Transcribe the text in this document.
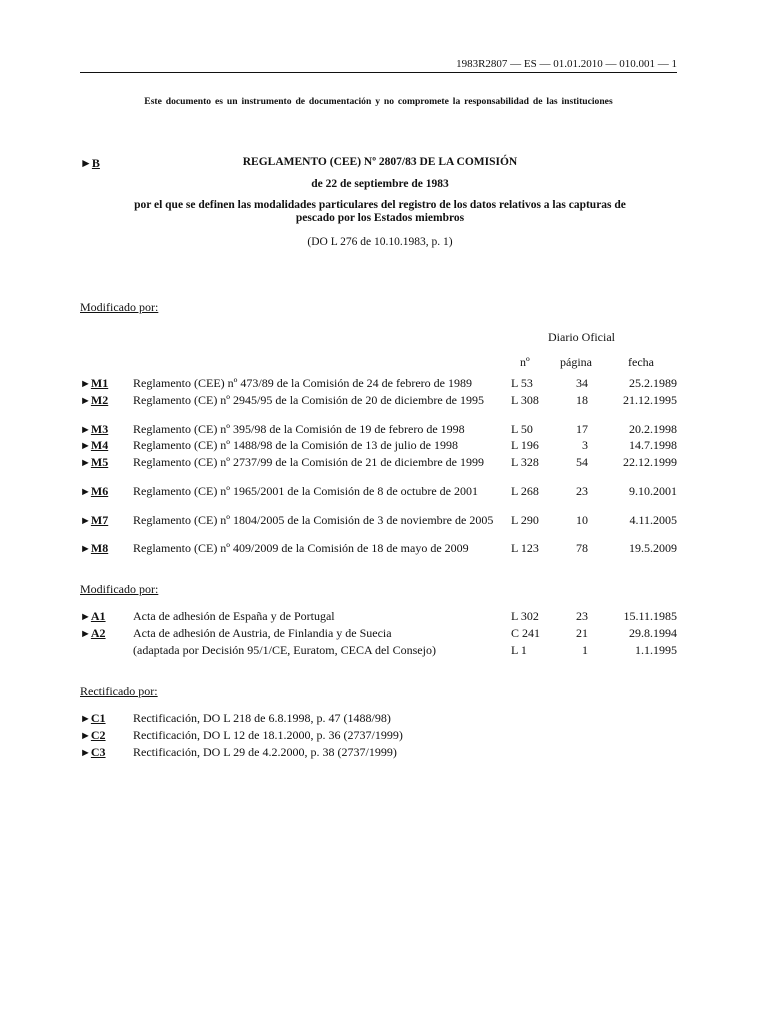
1983R2807 — ES — 01.01.2010 — 010.001 — 1
Este documento es un instrumento de documentación y no compromete la responsabilidad de las instituciones
►B	REGLAMENTO (CEE) Nº 2807/83 DE LA COMISIÓN
de 22 de septiembre de 1983
por el que se definen las modalidades particulares del registro de los datos relativos a las capturas de pescado por los Estados miembros
(DO L 276 de 10.10.1983, p. 1)
Modificado por:
Diario Oficial
nº	página	fecha
►M1 Reglamento (CEE) nº 473/89 de la Comisión de 24 de febrero de 1989	L 53	34	25.2.1989
►M2 Reglamento (CE) nº 2945/95 de la Comisión de 20 de diciembre de 1995	L 308	18	21.12.1995
►M3 Reglamento (CE) nº 395/98 de la Comisión de 19 de febrero de 1998	L 50	17	20.2.1998
►M4 Reglamento (CE) nº 1488/98 de la Comisión de 13 de julio de 1998	L 196	3	14.7.1998
►M5 Reglamento (CE) nº 2737/99 de la Comisión de 21 de diciembre de 1999	L 328	54	22.12.1999
►M6 Reglamento (CE) nº 1965/2001 de la Comisión de 8 de octubre de 2001	L 268	23	9.10.2001
►M7 Reglamento (CE) nº 1804/2005 de la Comisión de 3 de noviembre de 2005 L 290	10	4.11.2005
►M8 Reglamento (CE) nº 409/2009 de la Comisión de 18 de mayo de 2009	L 123	78	19.5.2009
Modificado por:
►A1 Acta de adhesión de España y de Portugal	L 302	23	15.11.1985
►A2 Acta de adhesión de Austria, de Finlandia y de Suecia	C 241	21	29.8.1994
(adaptada por Decisión 95/1/CE, Euratom, CECA del Consejo)	L 1	1	1.1.1995
Rectificado por:
►C1 Rectificación, DO L 218 de 6.8.1998, p. 47 (1488/98)
►C2 Rectificación, DO L 12 de 18.1.2000, p. 36 (2737/1999)
►C3 Rectificación, DO L 29 de 4.2.2000, p. 38 (2737/1999)
